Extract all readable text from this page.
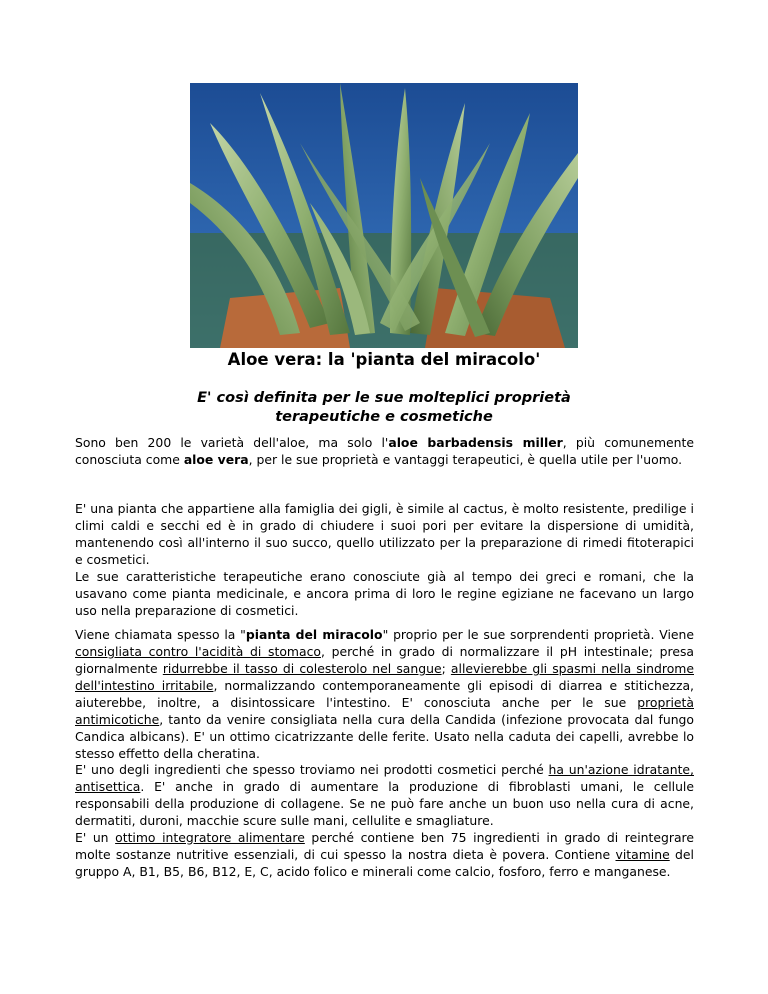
Aloe vera: la 'pianta del miracolo'
E' così definita per le sue molteplici proprietà
terapeutiche e cosmetiche

Sono ben 200 le varietà dell'aloe, ma solo l'aloe barbadensis miller, più comunemente conosciuta come aloe vera, per le sue proprietà e vantaggi terapeutici, è quella utile per l'uomo.

E' una pianta che appartiene alla famiglia dei gigli, è simile al cactus, è molto resistente, predilige i climi caldi e secchi ed è in grado di chiudere i suoi pori per evitare la dispersione di umidità, mantenendo così all'interno il suo succo, quello utilizzato per la preparazione di rimedi fitoterapici e cosmetici.

Le sue caratteristiche terapeutiche erano conosciute già al tempo dei greci e romani, che la usavano come pianta medicinale, e ancora prima di loro le regine egiziane ne facevano un largo uso nella preparazione di cosmetici.

Viene chiamata spesso la "pianta del miracolo" proprio per le sue sorprendenti proprietà. Viene consigliata contro l'acidità di stomaco, perché in grado di normalizzare il pH intestinale; presa giornalmente ridurrebbe il tasso di colesterolo nel sangue; allevierebbe gli spasmi nella sindrome dell'intestino irritabile, normalizzando contemporaneamente gli episodi di diarrea e stitichezza, aiuterebbe, inoltre, a disintossicare l'intestino. E' conosciuta anche per le sue proprietà antimicotiche, tanto da venire consigliata nella cura della Candida (infezione provocata dal fungo Candica albicans). E' un ottimo cicatrizzante delle ferite. Usato nella caduta dei capelli, avrebbe lo stesso effetto della cheratina.

E' uno degli ingredienti che spesso troviamo nei prodotti cosmetici perché ha un'azione idratante, antisettica. E' anche in grado di aumentare la produzione di fibroblasti umani, le cellule responsabili della produzione di collagene. Se ne può fare anche un buon uso nella cura di acne, dermatiti, duroni, macchie scure sulle mani, cellulite e smagliature.
E' un ottimo integratore alimentare perché contiene ben 75 ingredienti in grado di reintegrare molte sostanze nutritive essenziali, di cui spesso la nostra dieta è povera. Contiene vitamine del gruppo A, B1, B5, B6, B12, E, C, acido folico e minerali come calcio, fosforo, ferro e manganese.
